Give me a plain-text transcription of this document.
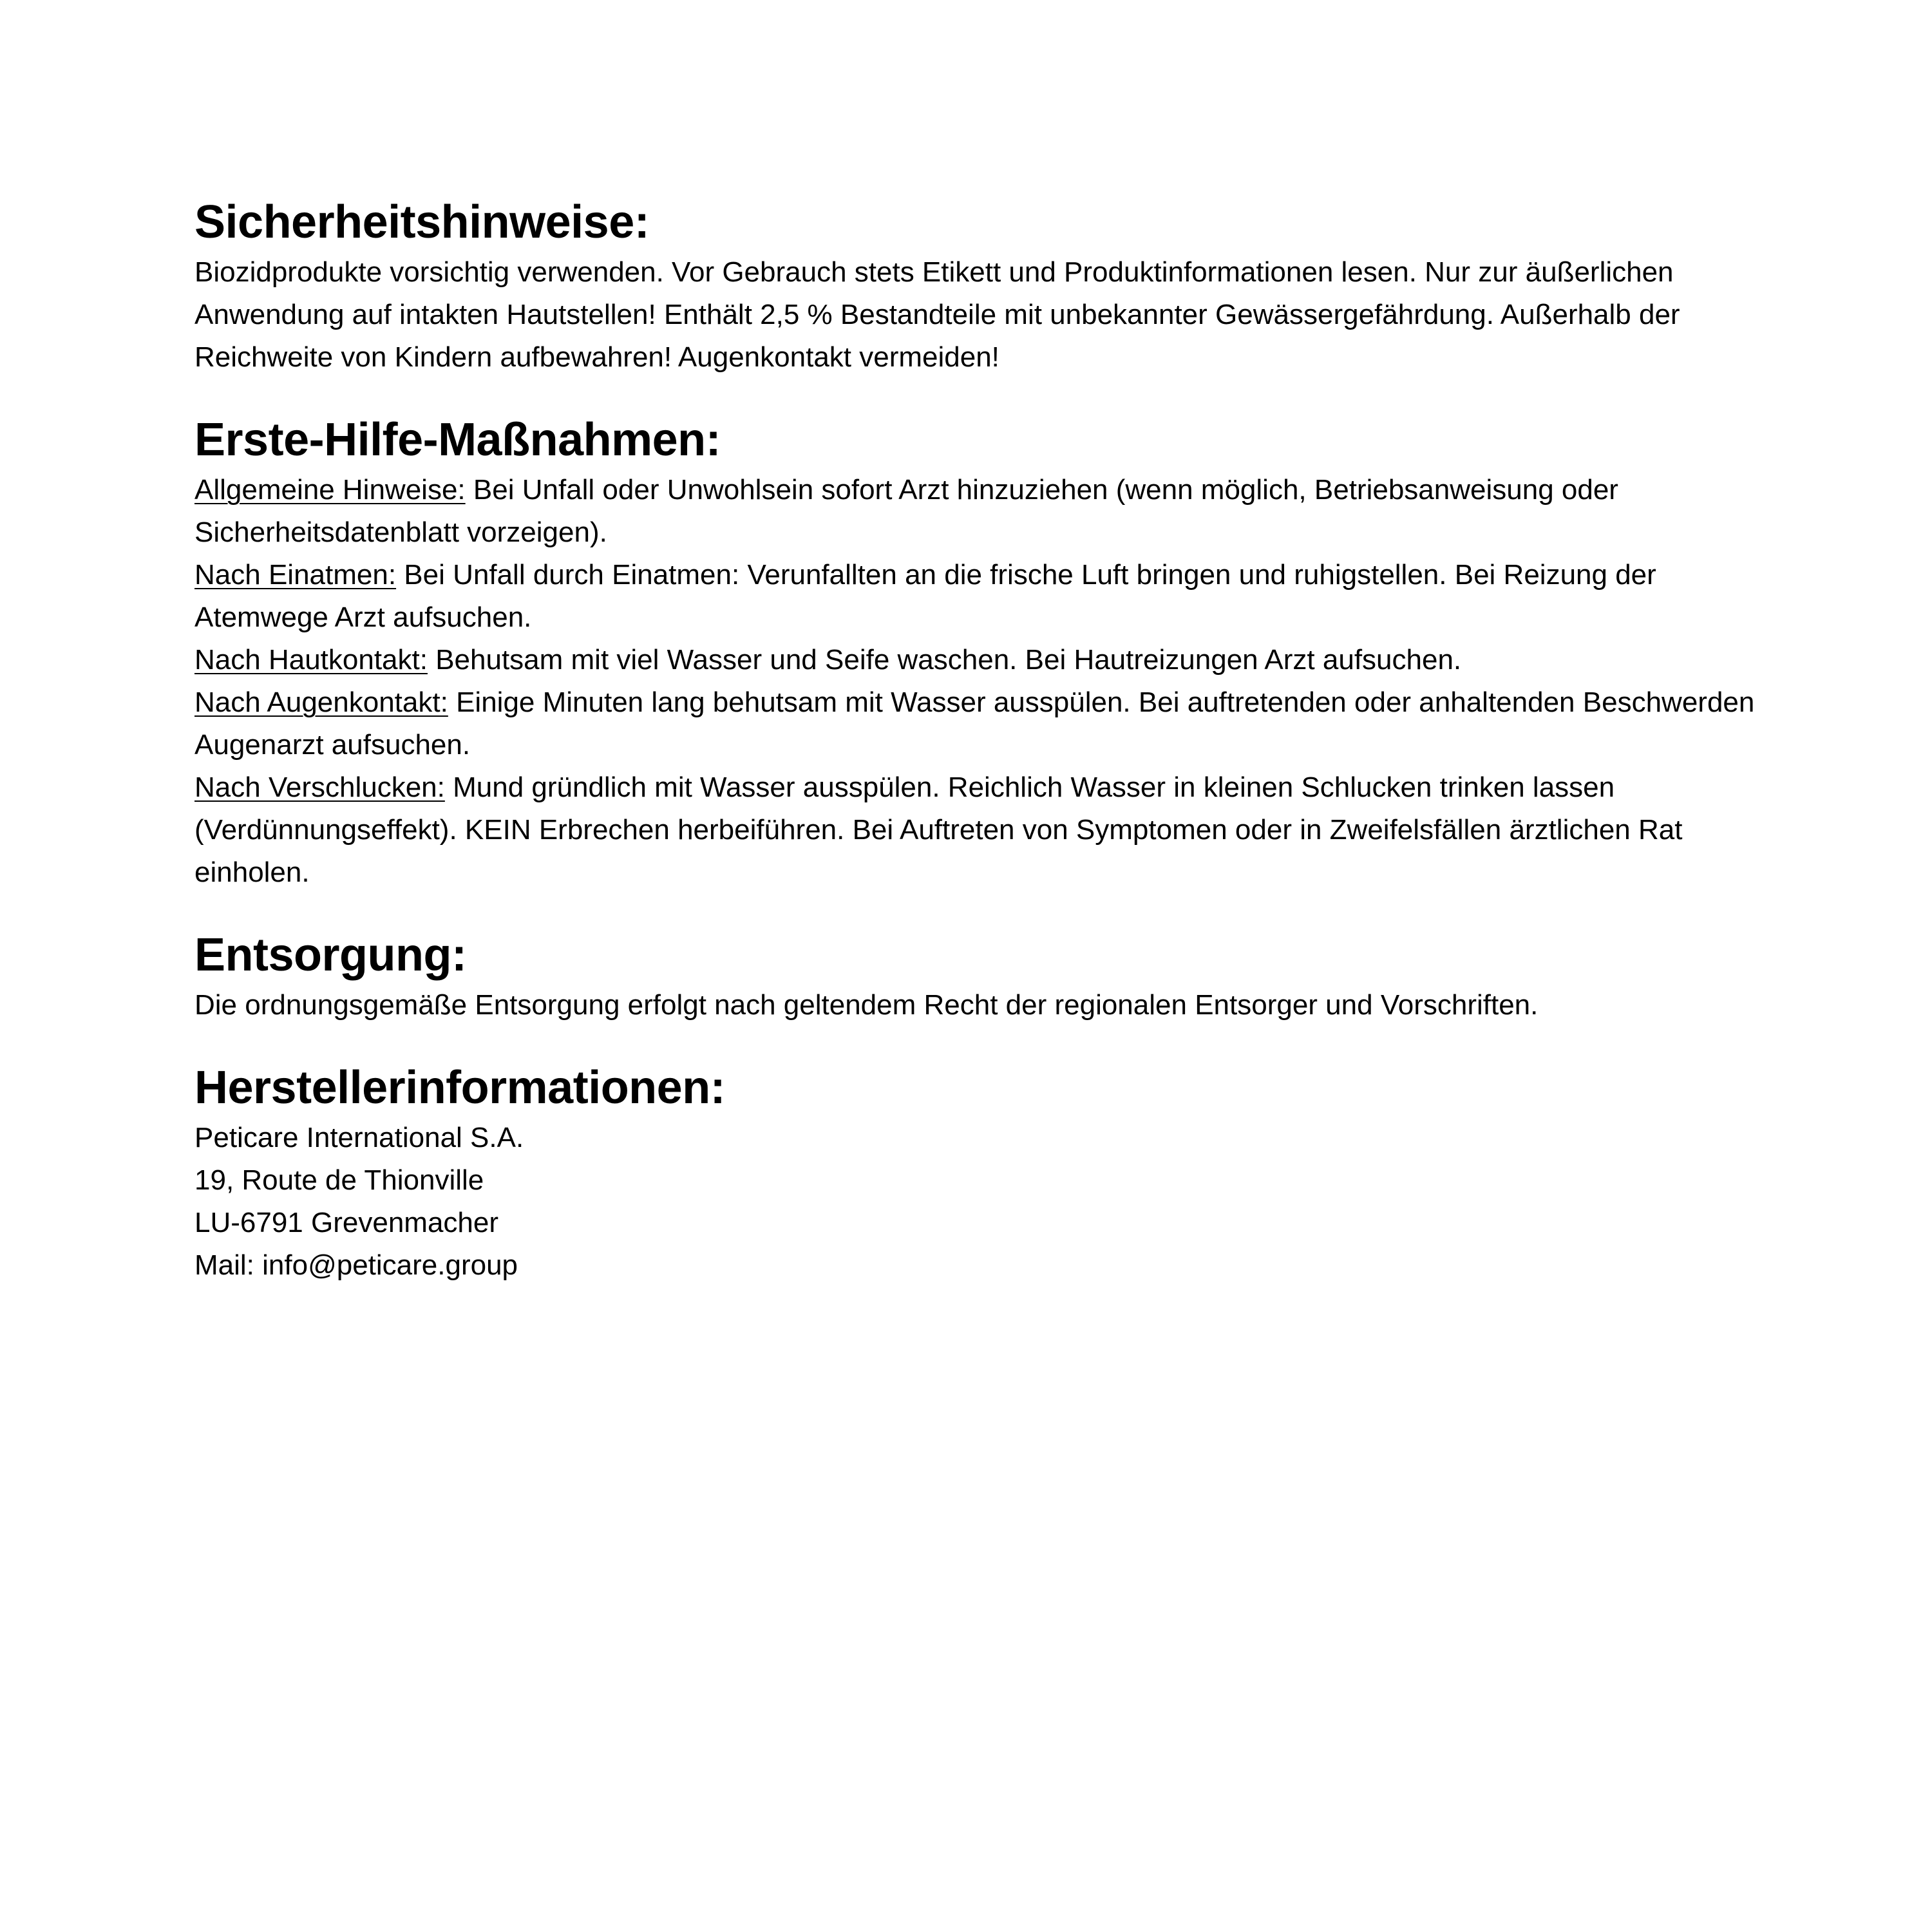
Sicherheitshinweise:

Biozidprodukte vorsichtig verwenden. Vor Gebrauch stets Etikett und Produktinformationen lesen. Nur zur äußerlichen Anwendung auf intakten Hautstellen! Enthält 2,5 % Bestandteile mit unbekannter Gewässergefährdung. Außerhalb der Reichweite von Kindern aufbewahren! Augenkontakt vermeiden!

Erste-Hilfe-Maßnahmen:
Allgemeine Hinweise: Bei Unfall oder Unwohlsein sofort Arzt hinzuziehen (wenn möglich, Betriebsanweisung oder Sicherheitsdatenblatt vorzeigen).
Nach Einatmen: Bei Unfall durch Einatmen: Verunfallten an die frische Luft bringen und ruhigstellen. Bei Reizung der Atemwege Arzt aufsuchen.
Nach Hautkontakt: Behutsam mit viel Wasser und Seife waschen. Bei Hautreizungen Arzt aufsuchen.
Nach Augenkontakt: Einige Minuten lang behutsam mit Wasser ausspülen. Bei auftretenden oder anhaltenden Beschwerden Augenarzt aufsuchen.
Nach Verschlucken: Mund gründlich mit Wasser ausspülen. Reichlich Wasser in kleinen Schlucken trinken lassen (Verdünnungseffekt). KEIN Erbrechen herbeiführen. Bei Auftreten von Symptomen oder in Zweifelsfällen ärztlichen Rat einholen.
Entsorgung:

Die ordnungsgemäße Entsorgung erfolgt nach geltendem Recht der regionalen Entsorger und Vorschriften.

Herstellerinformationen:
Peticare International S.A.
19, Route de Thionville
LU-6791 Grevenmacher
Mail: info@peticare.group
